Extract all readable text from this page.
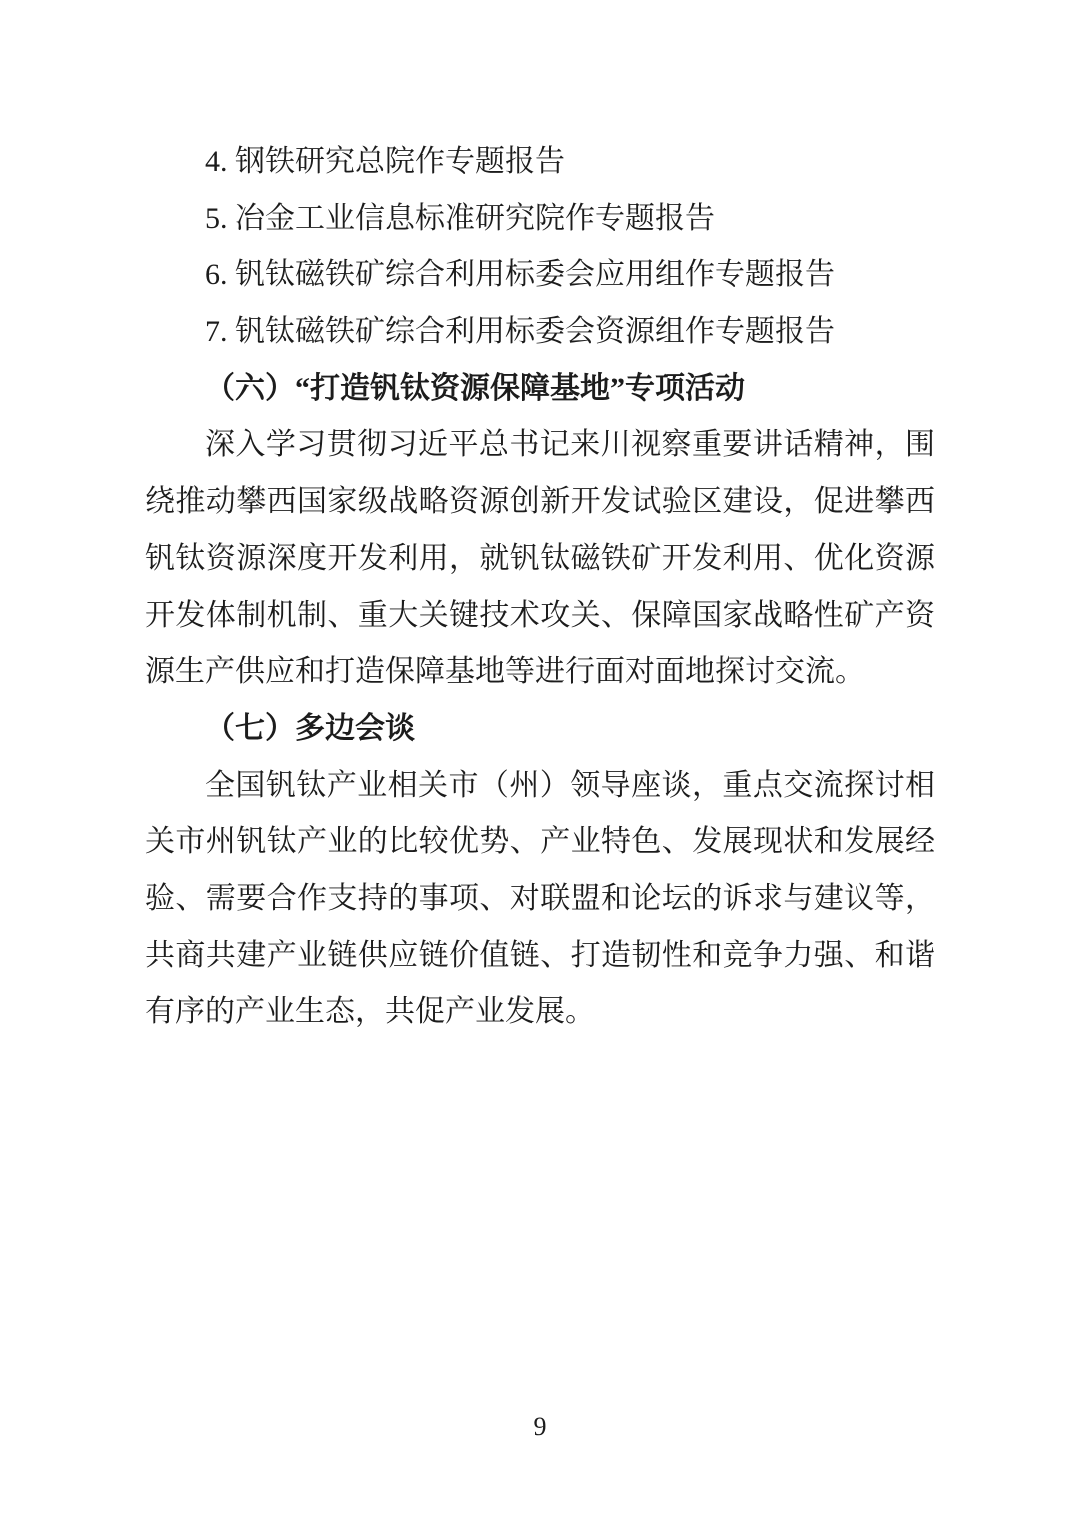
4. 钢铁研究总院作专题报告
5. 冶金工业信息标准研究院作专题报告
6. 钒钛磁铁矿综合利用标委会应用组作专题报告
7. 钒钛磁铁矿综合利用标委会资源组作专题报告
（六）“打造钒钛资源保障基地”专项活动
深入学习贯彻习近平总书记来川视察重要讲话精神，围
绕推动攀西国家级战略资源创新开发试验区建设，促进攀西
钒钛资源深度开发利用，就钒钛磁铁矿开发利用、优化资源
开发体制机制、重大关键技术攻关、保障国家战略性矿产资
源生产供应和打造保障基地等进行面对面地探讨交流。
（七）多边会谈
全国钒钛产业相关市（州）领导座谈，重点交流探讨相
关市州钒钛产业的比较优势、产业特色、发展现状和发展经
验、需要合作支持的事项、对联盟和论坛的诉求与建议等，
共商共建产业链供应链价值链、打造韧性和竞争力强、和谐
有序的产业生态，共促产业发展。
9
